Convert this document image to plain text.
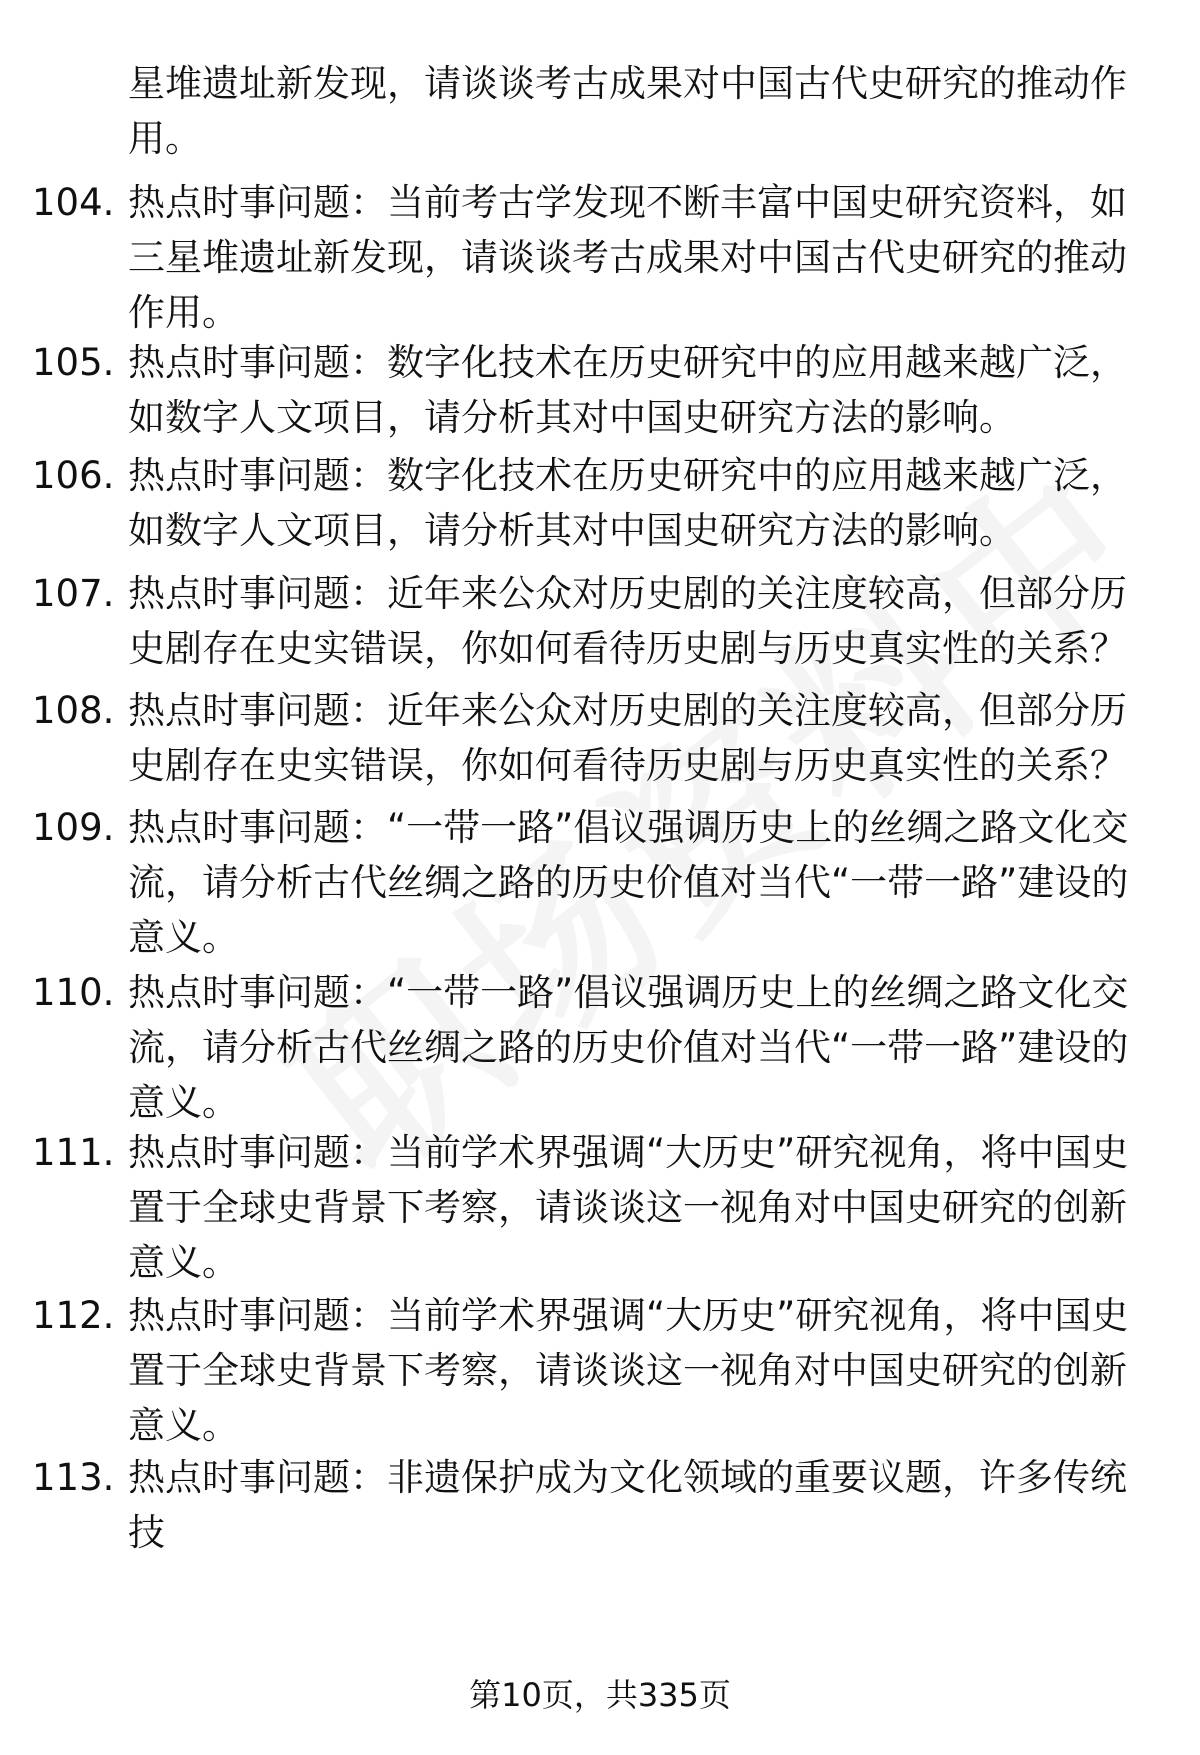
星堆遗址新发现，请谈谈考古成果对中国古代史研究的推动作用。
104. 热点时事问题：当前考古学发现不断丰富中国史研究资料，如三星堆遗址新发现，请谈谈考古成果对中国古代史研究的推动作用。
105. 热点时事问题：数字化技术在历史研究中的应用越来越广泛，如数字人文项目，请分析其对中国史研究方法的影响。
106. 热点时事问题：数字化技术在历史研究中的应用越来越广泛，如数字人文项目，请分析其对中国史研究方法的影响。
107. 热点时事问题：近年来公众对历史剧的关注度较高，但部分历史剧存在史实错误，你如何看待历史剧与历史真实性的关系？
108. 热点时事问题：近年来公众对历史剧的关注度较高，但部分历史剧存在史实错误，你如何看待历史剧与历史真实性的关系？
109. 热点时事问题：“一带一路”倡议强调历史上的丝绸之路文化交流，请分析古代丝绸之路的历史价值对当代“一带一路”建设的意义。
110. 热点时事问题：“一带一路”倡议强调历史上的丝绸之路文化交流，请分析古代丝绸之路的历史价值对当代“一带一路”建设的意义。
111. 热点时事问题：当前学术界强调“大历史”研究视角，将中国史置于全球史背景下考察，请谈谈这一视角对中国史研究的创新意义。
112. 热点时事问题：当前学术界强调“大历史”研究视角，将中国史置于全球史背景下考察，请谈谈这一视角对中国史研究的创新意义。
113. 热点时事问题：非遗保护成为文化领域的重要议题，许多传统技
第10页，共335页
